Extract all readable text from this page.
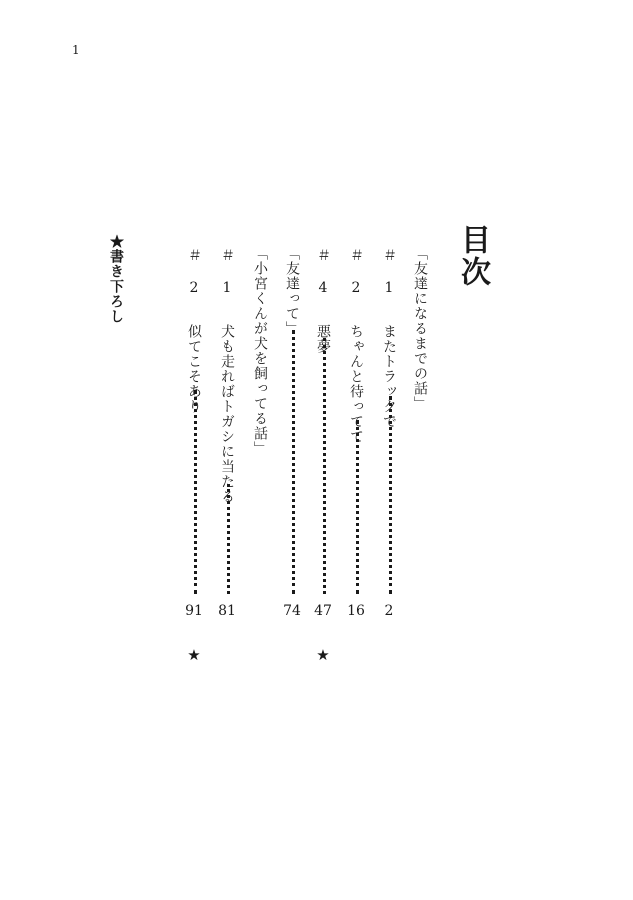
1
目次
「友達になるまでの話」
＃ 1 またトラックで
2
＃ 2 ちゃんと待ってて
16
＃ 4 悪夢
47
「友達って」
74
「小宮くんが犬を飼ってる話」
＃ 1 犬も走ればトガシに当たる
81
＃ 2 似てこそあり
91
★書き下ろし
★
★
